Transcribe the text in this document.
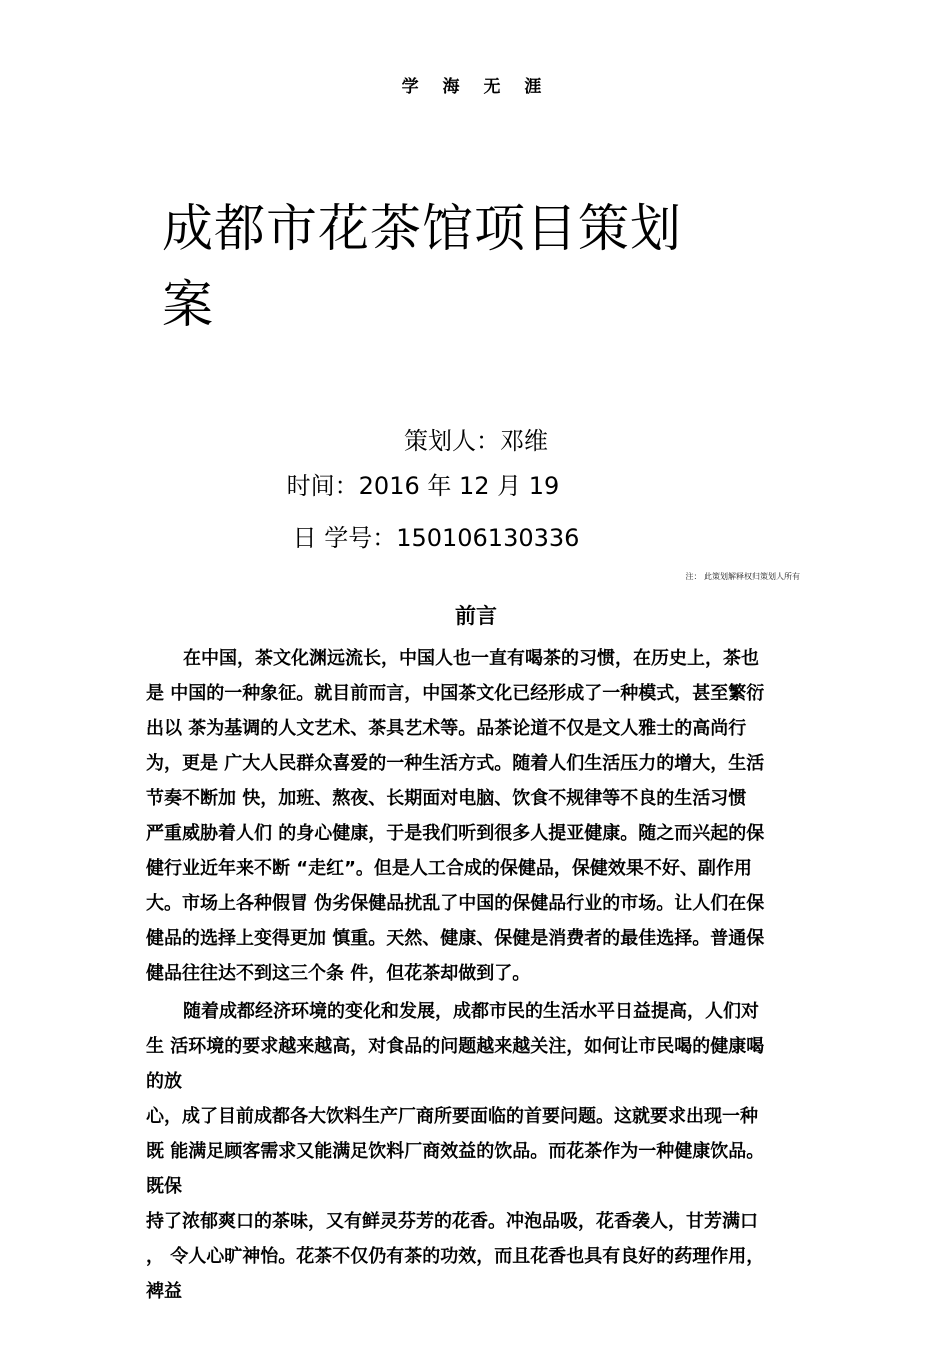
学 海 无 涯
成都市花茶馆项目策划
案
策划人：邓维
时间：2016 年 12 月 19
日 学号：150106130336
注： 此策划解释权归策划人所有
前言
在中国，茶文化渊远流长，中国人也一直有喝茶的习惯，在历史上，茶也
是 中国的一种象征。就目前而言，中国茶文化已经形成了一种模式，甚至繁衍
出以 茶为基调的人文艺术、茶具艺术等。品茶论道不仅是文人雅士的高尚行
为，更是 广大人民群众喜爱的一种生活方式。随着人们生活压力的增大，生活
节奏不断加 快，加班、熬夜、长期面对电脑、饮食不规律等不良的生活习惯
严重威胁着人们 的身心健康，于是我们听到很多人提亚健康。随之而兴起的保
健行业近年来不断 “走红”。但是人工合成的保健品，保健效果不好、副作用
大。市场上各种假冒 伪劣保健品扰乱了中国的保健品行业的市场。让人们在保
健品的选择上变得更加 慎重。天然、健康、保健是消费者的最佳选择。普通保
健品往往达不到这三个条 件，但花茶却做到了。
随着成都经济环境的变化和发展，成都市民的生活水平日益提高，人们对
生 活环境的要求越来越高，对食品的问题越来越关注，如何让市民喝的健康喝
的放
心，成了目前成都各大饮料生产厂商所要面临的首要问题。这就要求出现一种
既 能满足顾客需求又能满足饮料厂商效益的饮品。而花茶作为一种健康饮品。
既保
持了浓郁爽口的茶味，又有鲜灵芬芳的花香。冲泡品吸，花香袭人，甘芳满口
， 令人心旷神怡。花茶不仅仍有茶的功效，而且花香也具有良好的药理作用，
裨益
